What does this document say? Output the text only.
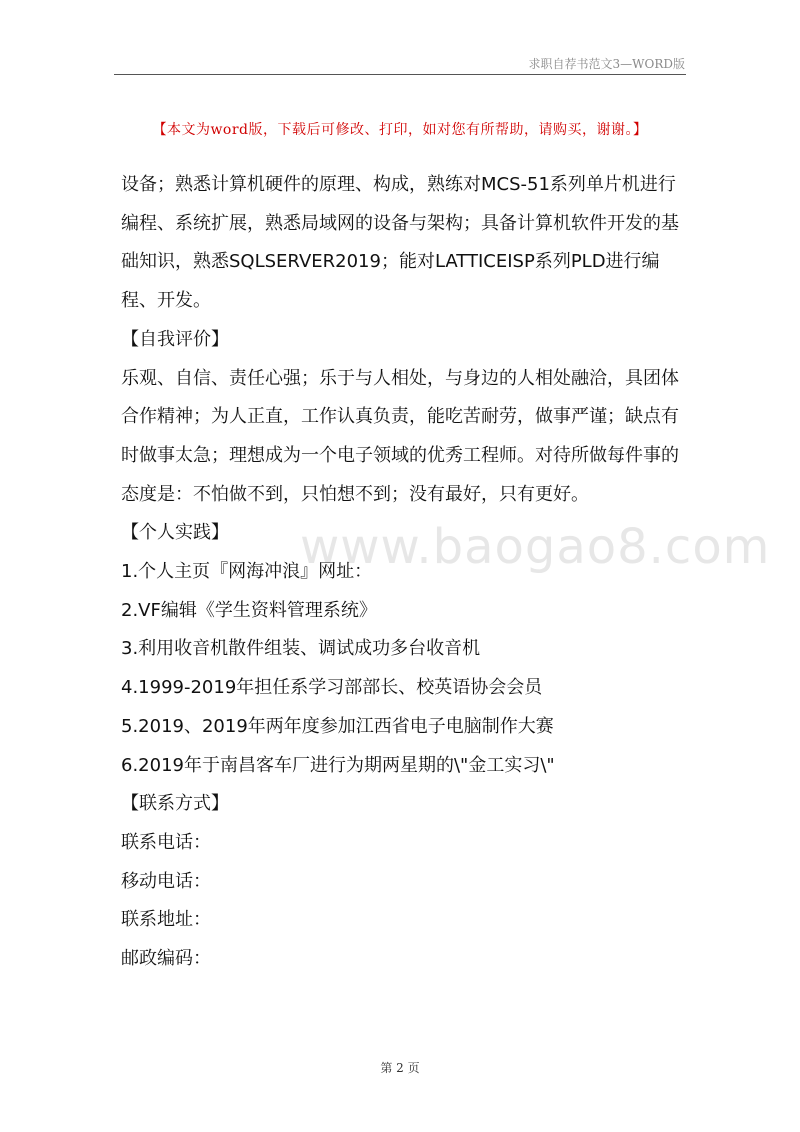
求职自荐书范文3—WORD版
【本文为word版，下载后可修改、打印，如对您有所帮助，请购买，谢谢。】
www.baogao8.com

设备；熟悉计算机硬件的原理、构成，熟练对MCS-51系列单片机进行编程、系统扩展，熟悉局域网的设备与架构；具备计算机软件开发的基础知识，熟悉SQLSERVER2019；能对LATTICEISP系列PLD进行编程、开发。

【自我评价】

乐观、自信、责任心强；乐于与人相处，与身边的人相处融洽，具团体合作精神；为人正直，工作认真负责，能吃苦耐劳，做事严谨；缺点有时做事太急；理想成为一个电子领域的优秀工程师。对待所做每件事的态度是：不怕做不到，只怕想不到；没有最好，只有更好。

【个人实践】

1.个人主页『网海冲浪』网址：

2.VF编辑《学生资料管理系统》

3.利用收音机散件组装、调试成功多台收音机

4.1999-2019年担任系学习部部长、校英语协会会员

5.2019、2019年两年度参加江西省电子电脑制作大赛

6.2019年于南昌客车厂进行为期两星期的\"金工实习\"

【联系方式】

联系电话：

移动电话：

联系地址：

邮政编码：

第 2 页
